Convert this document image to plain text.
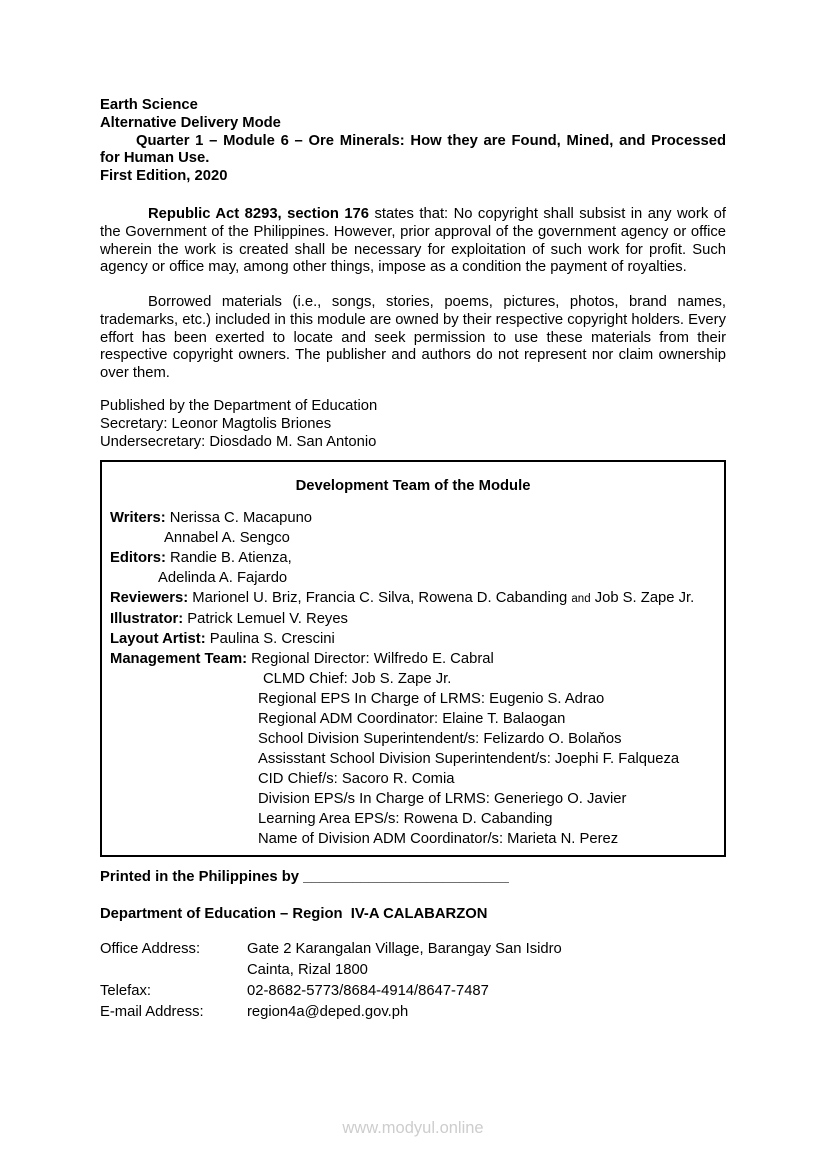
Earth Science
Alternative Delivery Mode
Quarter 1 – Module 6 – Ore Minerals: How they are Found, Mined, and Processed for Human Use.
First Edition, 2020

Republic Act 8293, section 176 states that: No copyright shall subsist in any work of the Government of the Philippines. However, prior approval of the government agency or office wherein the work is created shall be necessary for exploitation of such work for profit. Such agency or office may, among other things, impose as a condition the payment of royalties.

Borrowed materials (i.e., songs, stories, poems, pictures, photos, brand names, trademarks, etc.) included in this module are owned by their respective copyright holders. Every effort has been exerted to locate and seek permission to use these materials from their respective copyright owners. The publisher and authors do not represent nor claim ownership over them.

Published by the Department of Education
Secretary: Leonor Magtolis Briones
Undersecretary: Diosdado M. San Antonio
Development Team of the Module
Writers: Nerissa C. Macapuno
Annabel A. Sengco
Editors: Randie B. Atienza,
Adelinda A. Fajardo
Reviewers: Marionel U. Briz, Francia C. Silva, Rowena D. Cabanding and Job S. Zape Jr.
Illustrator: Patrick Lemuel V. Reyes
Layout Artist: Paulina S. Crescini
Management Team: Regional Director: Wilfredo E. Cabral
CLMD Chief: Job S. Zape Jr.
Regional EPS In Charge of LRMS: Eugenio S. Adrao
Regional ADM Coordinator: Elaine T. Balaogan
School Division Superintendent/s: Felizardo O. Bolaňos
Assisstant School Division Superintendent/s: Joephi F. Falqueza
CID Chief/s: Sacoro R. Comia
Division EPS/s In Charge of LRMS: Generiego O. Javier
Learning Area EPS/s: Rowena D. Cabanding
Name of Division ADM Coordinator/s: Marieta N. Perez
Printed in the Philippines by _________________________
Department of Education – Region  IV-A CALABARZON
Office Address:	Gate 2 Karangalan Village, Barangay San Isidro
Cainta, Rizal 1800
Telefax:	02-8682-5773/8684-4914/8647-7487
E-mail Address:	region4a@deped.gov.ph
www.modyul.online
